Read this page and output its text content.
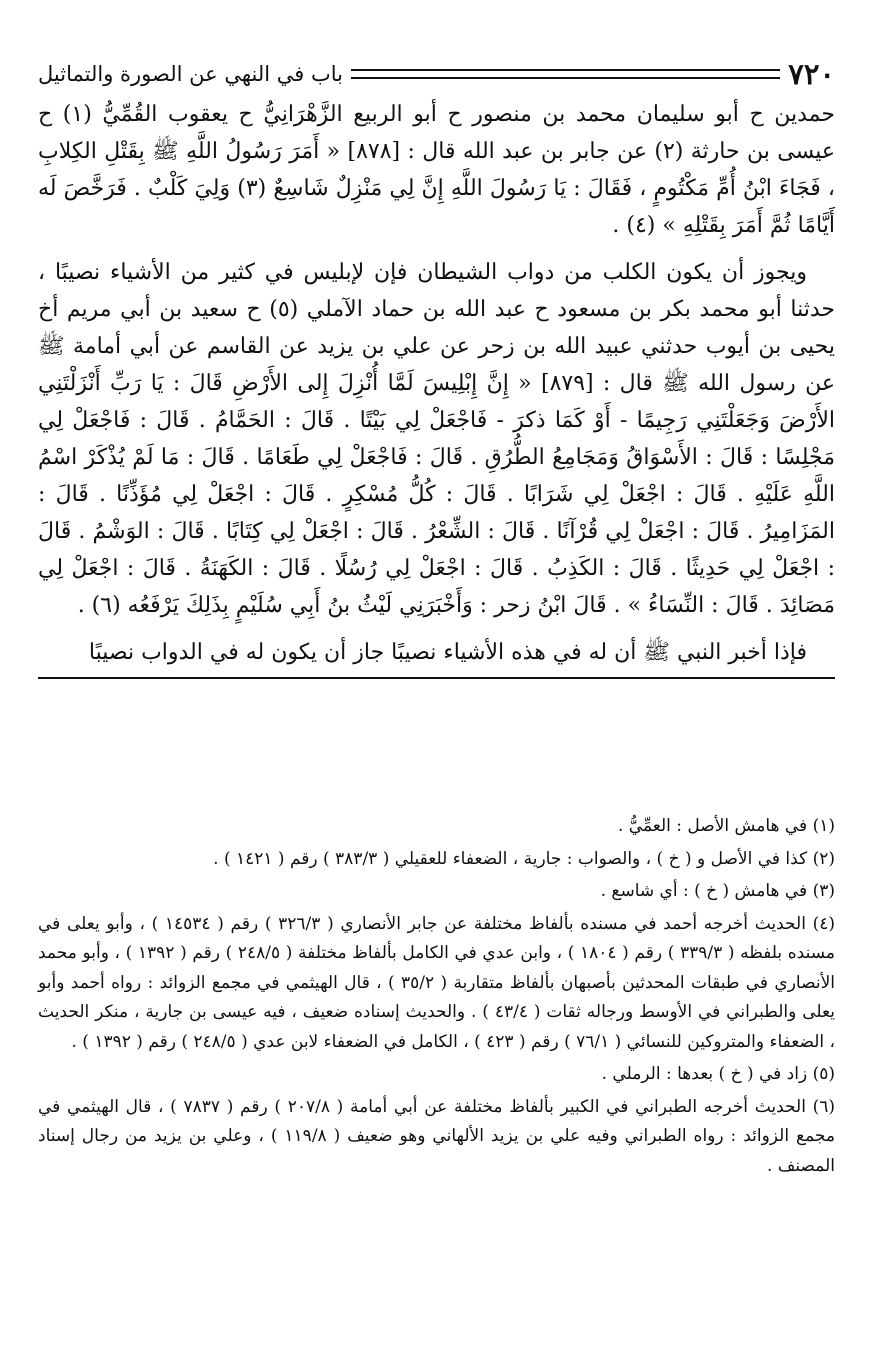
٧٢٠
باب في النهي عن الصورة والتماثيل

حمدين ح أبو سليمان محمد بن منصور ح أبو الربيع الزَّهْرَانِيُّ ح يعقوب القُمِّيُّ (١) ح عيسى بن حارثة (٢) عن جابر بن عبد الله قال : [٨٧٨] « أَمَرَ رَسُولُ اللَّهِ ﷺ بِقَتْلِ الكِلابِ ، فَجَاءَ ابْنُ أُمِّ مَكْتُومٍ ، فَقَالَ : يَا رَسُولَ اللَّهِ إِنَّ لِي مَنْزِلٌ شَاسِعٌ (٣) وَلِيَ كَلْبٌ . فَرَخَّصَ لَه أَيَّامًا ثُمَّ أَمَرَ بِقَتْلِهِ » (٤) .

ويجوز أن يكون الكلب من دواب الشيطان فإن لإبليس في كثير من الأشياء نصيبًا ، حدثنا أبو محمد بكر بن مسعود ح عبد الله بن حماد الآملي (٥) ح سعيد بن أبي مريم أخ يحيى بن أيوب حدثني عبيد الله بن زحر عن علي بن يزيد عن القاسم عن أبي أمامة ﷺ عن رسول الله ﷺ قال : [٨٧٩] « إِنَّ إِبْلِيسَ لَمَّا أُنْزِلَ إِلى الأَرْضِ قَالَ : يَا رَبِّ أَنْزَلْتَنِي الأَرْضَ وَجَعَلْتَنِي رَجِيمًا - أَوْ كَمَا ذكرَ - فَاجْعَلْ لِي بَيْتًا . قَالَ : الحَمَّامُ . قَالَ : فَاجْعَلْ لِي مَجْلِسًا : قَالَ : الأَسْوَاقُ وَمَجَامِعُ الطُّرُقِ . قَالَ : فَاجْعَلْ لِي طَعَامًا . قَالَ : مَا لَمْ يُذْكَرْ اسْمُ اللَّهِ عَلَيْهِ . قَالَ : اجْعَلْ لِي شَرَابًا . قَالَ : كُلُّ مُسْكِرٍ . قَالَ : اجْعَلْ لِي مُؤَذِّنًا . قَالَ : المَزَامِيرُ . قَالَ : اجْعَلْ لِي قُرْآنًا . قَالَ : الشِّعْرُ . قَالَ : اجْعَلْ لِي كِتَابًا . قَالَ : الوَشْمُ . قَالَ : اجْعَلْ لِي حَدِيثًا . قَالَ : الكَذِبُ . قَالَ : اجْعَلْ لِي رُسُلًا . قَالَ : الكَهَنَةُ . قَالَ : اجْعَلْ لِي مَصَائِدَ . قَالَ : النِّسَاءُ » . قَالَ ابْنُ زحر : وَأَخْبَرَنِي لَيْثُ بنُ أَبِي سُلَيْمٍ بِذَلِكَ يَرْفَعُه (٦) .

فإذا أخبر النبي ﷺ أن له في هذه الأشياء نصيبًا جاز أن يكون له في الدواب نصيبًا

(١) في هامش الأصل : العمِّيُّ .

(٢) كذا في الأصل و ( خ ) ، والصواب : جارية ، الضعفاء للعقيلي ( ٣٨٣/٣ ) رقم ( ١٤٢١ ) .

(٣) في هامش ( خ ) : أي شاسع .

(٤) الحديث أخرجه أحمد في مسنده بألفاظ مختلفة عن جابر الأنصاري ( ٣٢٦/٣ ) رقم ( ١٤٥٣٤ ) ، وأبو يعلى في مسنده بلفظه ( ٣٣٩/٣ ) رقم ( ١٨٠٤ ) ، وابن عدي في الكامل بألفاظ مختلفة ( ٢٤٨/٥ ) رقم ( ١٣٩٢ ) ، وأبو محمد الأنصاري في طبقات المحدثين بأصبهان بألفاظ متقاربة ( ٣٥/٢ ) ، قال الهيثمي في مجمع الزوائد : رواه أحمد وأبو يعلى والطبراني في الأوسط ورجاله ثقات ( ٤٣/٤ ) . والحديث إسناده ضعيف ، فيه عيسى بن جارية ، منكر الحديث ، الضعفاء والمتروكين للنسائي ( ٧٦/١ ) رقم ( ٤٢٣ ) ، الكامل في الضعفاء لابن عدي ( ٢٤٨/٥ ) رقم ( ١٣٩٢ ) .

(٥) زاد في ( خ ) بعدها : الرملي .

(٦) الحديث أخرجه الطبراني في الكبير بألفاظ مختلفة عن أبي أمامة ( ٢٠٧/٨ ) رقم ( ٧٨٣٧ ) ، قال الهيثمي في مجمع الزوائد : رواه الطبراني وفيه علي بن يزيد الألهاني وهو ضعيف ( ١١٩/٨ ) ، وعلي بن يزيد من رجال إسناد المصنف .
